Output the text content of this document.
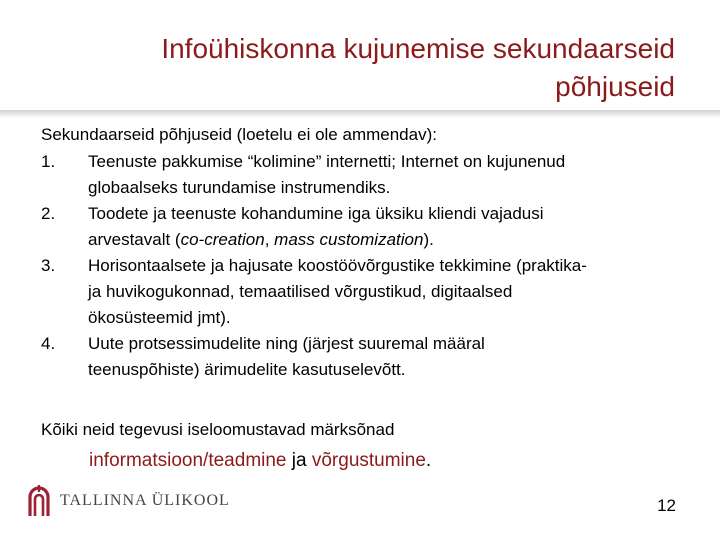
Infoühiskonna kujunemise sekundaarseid
põhjuseid
Sekundaarseid põhjuseid (loetelu ei ole ammendav):
1. Teenuste pakkumise “kolimine” internetti; Internet on kujunenud
globaalseks turundamise instrumendiks.
2. Toodete ja teenuste kohandumine iga üksiku kliendi vajadusi
arvestavalt (co-creation, mass customization).
3. Horisontaalsete ja hajusate koostöövõrgustike tekkimine (praktika-
ja huvikogukonnad, temaatilised võrgustikud, digitaalsed
ökosüsteemid jmt).
4. Uute protsessimudelite ning (järjest suuremal määral
teenuspõhiste) ärimudelite kasutuselevõtt.
Kõiki neid tegevusi iseloomustavad märksõnad
informatsioon/teadmine ja võrgustumine.
TALLINNA ÜLIKOOL	12
